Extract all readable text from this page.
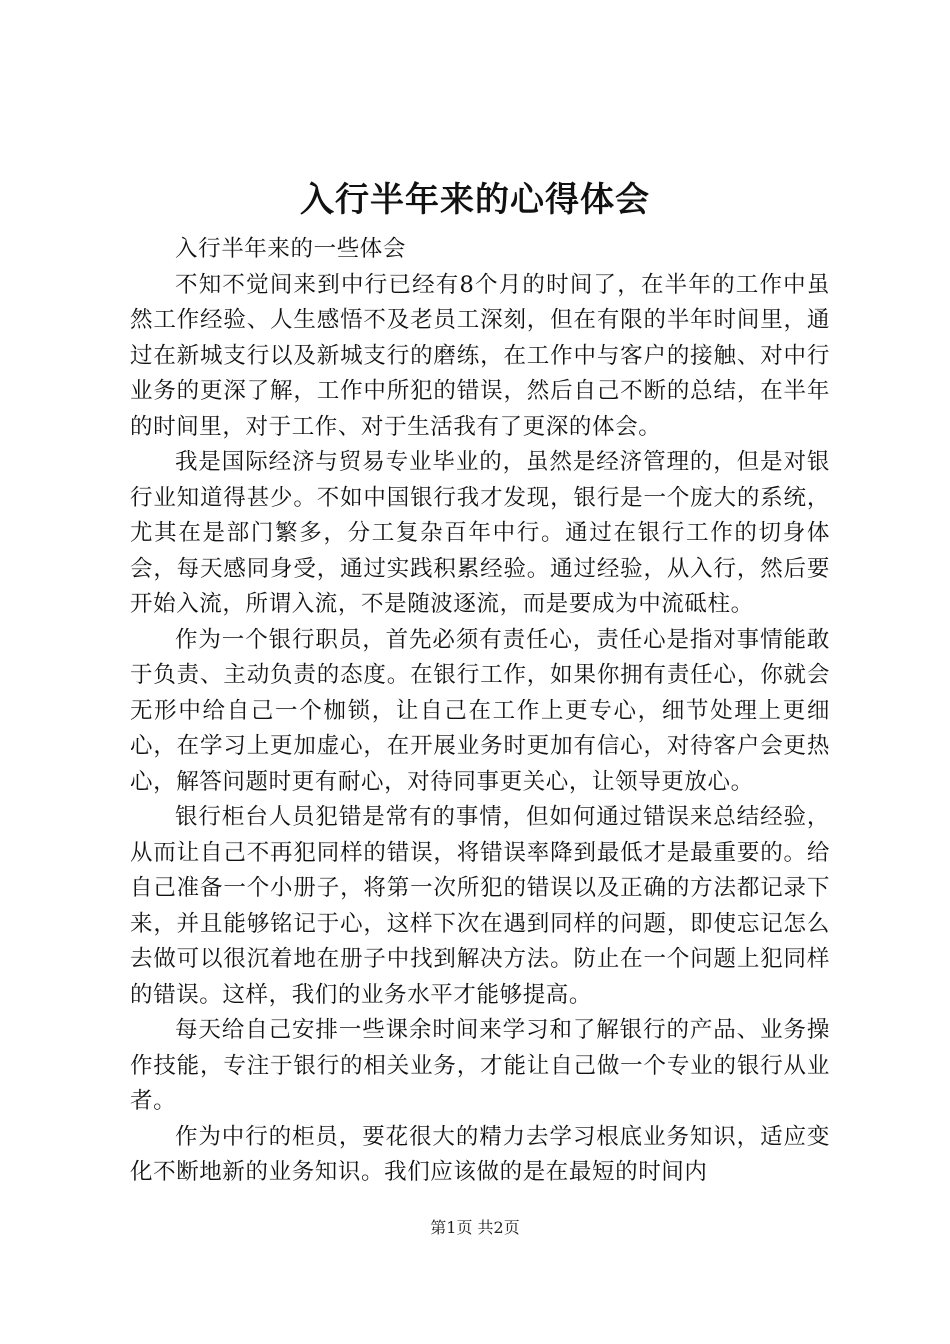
入行半年来的心得体会

入行半年来的一些体会

不知不觉间来到中行已经有8个月的时间了，在半年的工作中虽然工作经验、人生感悟不及老员工深刻，但在有限的半年时间里，通过在新城支行以及新城支行的磨练，在工作中与客户的接触、对中行业务的更深了解，工作中所犯的错误，然后自己不断的总结，在半年的时间里，对于工作、对于生活我有了更深的体会。

我是国际经济与贸易专业毕业的，虽然是经济管理的，但是对银行业知道得甚少。不如中国银行我才发现，银行是一个庞大的系统，尤其在是部门繁多，分工复杂百年中行。通过在银行工作的切身体会，每天感同身受，通过实践积累经验。通过经验，从入行，然后要开始入流，所谓入流，不是随波逐流，而是要成为中流砥柱。

作为一个银行职员，首先必须有责任心，责任心是指对事情能敢于负责、主动负责的态度。在银行工作，如果你拥有责任心，你就会无形中给自己一个枷锁，让自己在工作上更专心，细节处理上更细心，在学习上更加虚心，在开展业务时更加有信心，对待客户会更热心，解答问题时更有耐心，对待同事更关心，让领导更放心。

银行柜台人员犯错是常有的事情，但如何通过错误来总结经验，从而让自己不再犯同样的错误，将错误率降到最低才是最重要的。给自己准备一个小册子，将第一次所犯的错误以及正确的方法都记录下来，并且能够铭记于心，这样下次在遇到同样的问题，即使忘记怎么去做可以很沉着地在册子中找到解决方法。防止在一个问题上犯同样的错误。这样，我们的业务水平才能够提高。

每天给自己安排一些课余时间来学习和了解银行的产品、业务操作技能，专注于银行的相关业务，才能让自己做一个专业的银行从业者。

作为中行的柜员，要花很大的精力去学习根底业务知识，适应变化不断地新的业务知识。我们应该做的是在最短的时间内

第1页 共2页
